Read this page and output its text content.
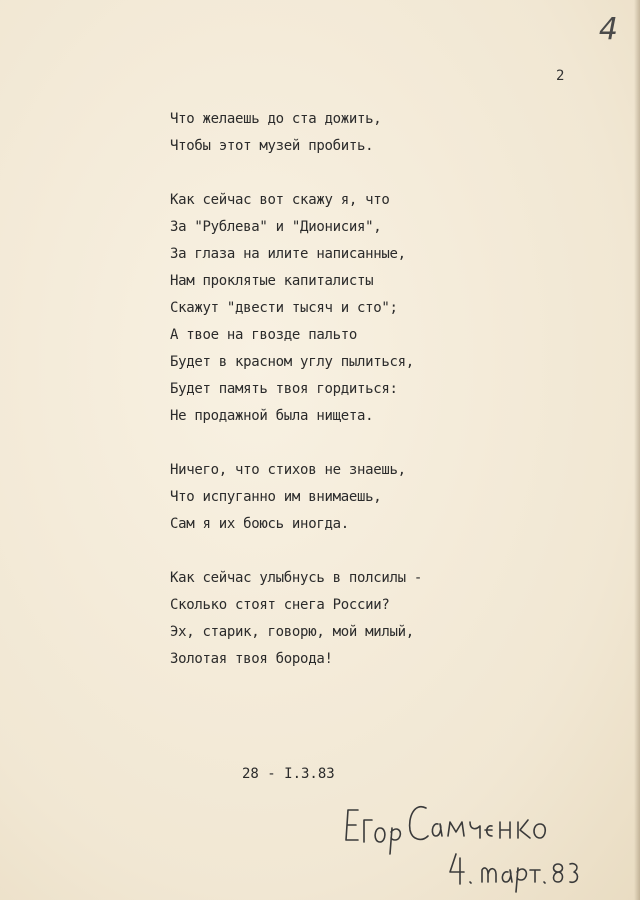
4
2
Что желаешь до ста дожить,
Чтобы этот музей пробить.
Как сейчас вот скажу я, что
За "Рублева" и "Дионисия",
За глаза на илите написанные,
Нам проклятые капиталисты
Скажут "двести тысяч и сто";
А твое на гвозде пальто
Будет в красном углу пылиться,
Будет память твоя гордиться:
Не продажной была нищета.
Ничего, что стихов не знаешь,
Что испуганно им внимаешь,
Сам я их боюсь иногда.
Как сейчас улыбнусь в полсилы -
Сколько стоят снега России?
Эх, старик, говорю, мой милый,
Золотая твоя борода!
28 - I.3.83
